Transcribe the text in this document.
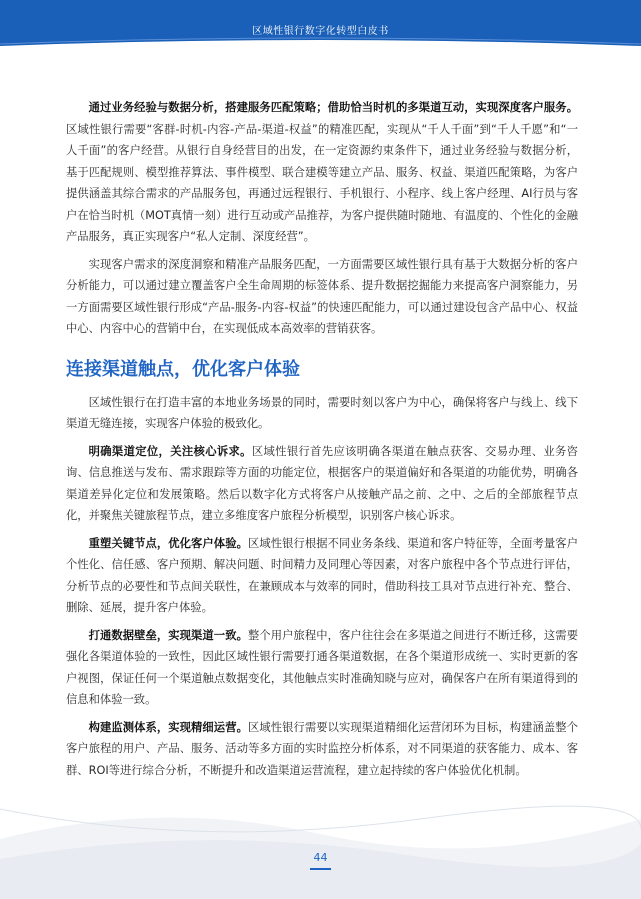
区域性银行数字化转型白皮书

通过业务经验与数据分析，搭建服务匹配策略；借助恰当时机的多渠道互动，实现深度客户服务。区域性银行需要“客群-时机-内容-产品-渠道-权益”的精准匹配，实现从“千人千面”到“千人千愿”和“一人千面”的客户经营。从银行自身经营目的出发，在一定资源约束条件下，通过业务经验与数据分析，基于匹配规则、模型推荐算法、事件模型、联合建模等建立产品、服务、权益、渠道匹配策略，为客户提供涵盖其综合需求的产品服务包，再通过远程银行、手机银行、小程序、线上客户经理、AI行员与客户在恰当时机（MOT真情一刻）进行互动或产品推荐，为客户提供随时随地、有温度的、个性化的金融产品服务，真正实现客户“私人定制、深度经营”。

实现客户需求的深度洞察和精准产品服务匹配，一方面需要区域性银行具有基于大数据分析的客户分析能力，可以通过建立覆盖客户全生命周期的标签体系、提升数据挖掘能力来提高客户洞察能力，另一方面需要区域性银行形成“产品-服务-内容-权益”的快速匹配能力，可以通过建设包含产品中心、权益中心、内容中心的营销中台，在实现低成本高效率的营销获客。

连接渠道触点，优化客户体验

区域性银行在打造丰富的本地业务场景的同时，需要时刻以客户为中心，确保将客户与线上、线下渠道无缝连接，实现客户体验的极致化。

明确渠道定位，关注核心诉求。区域性银行首先应该明确各渠道在触点获客、交易办理、业务咨询、信息推送与发布、需求跟踪等方面的功能定位，根据客户的渠道偏好和各渠道的功能优势，明确各渠道差异化定位和发展策略。然后以数字化方式将客户从接触产品之前、之中、之后的全部旅程节点化，并聚焦关键旅程节点，建立多维度客户旅程分析模型，识别客户核心诉求。

重塑关键节点，优化客户体验。区域性银行根据不同业务条线、渠道和客户特征等，全面考量客户个性化、信任感、客户预期、解决问题、时间精力及同理心等因素，对客户旅程中各个节点进行评估，分析节点的必要性和节点间关联性，在兼顾成本与效率的同时，借助科技工具对节点进行补充、整合、删除、延展，提升客户体验。

打通数据壁垒，实现渠道一致。整个用户旅程中，客户往往会在多渠道之间进行不断迁移，这需要强化各渠道体验的一致性，因此区域性银行需要打通各渠道数据，在各个渠道形成统一、实时更新的客户视图，保证任何一个渠道触点数据变化，其他触点实时准确知晓与应对，确保客户在所有渠道得到的信息和体验一致。

构建监测体系，实现精细运营。区域性银行需要以实现渠道精细化运营闭环为目标，构建涵盖整个客户旅程的用户、产品、服务、活动等多方面的实时监控分析体系，对不同渠道的获客能力、成本、客群、ROI等进行综合分析，不断提升和改造渠道运营流程，建立起持续的客户体验优化机制。

44
